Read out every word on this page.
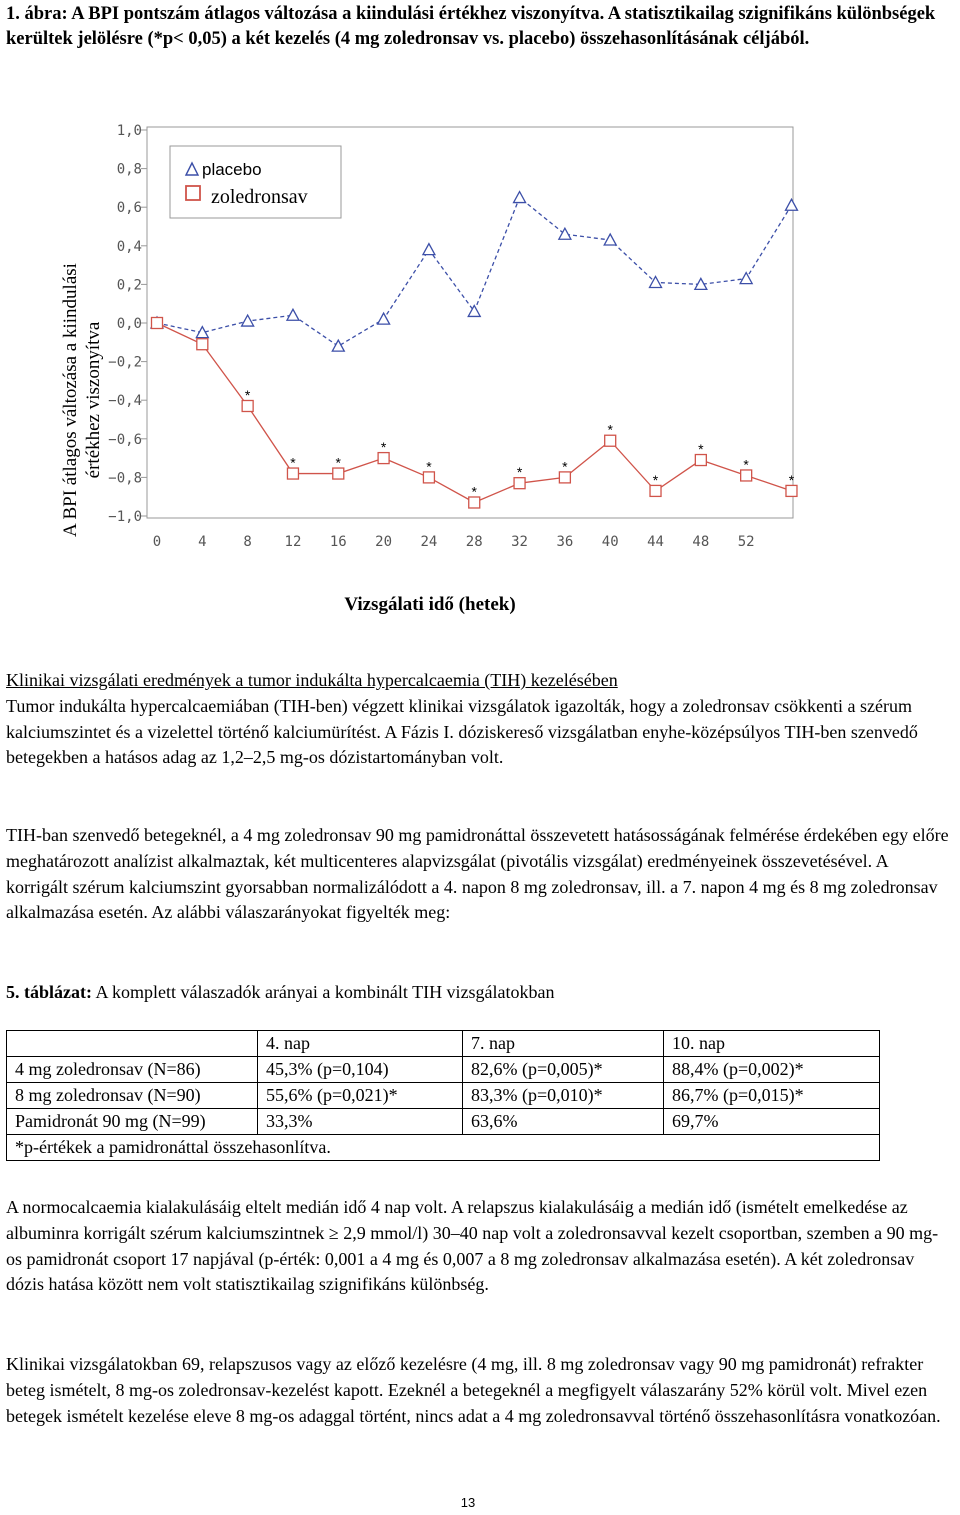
1. ábra: A BPI pontszám átlagos változása a kiindulási értékhez viszonyítva. A statisztikailag szignifikáns különbségek kerültek jelölésre (*p< 0,05) a két kezelés (4 mg zoledronsav vs. placebo) összehasonlításának céljából.
1,0
0,8
0,6
0,4
0,2
0,0
−0,2
−0,4
−0,6
−0,8
−1,0
0	4	8 12 16 20 24 28 32 36 40 44 48 52
*
*	*
*
*
*
*	*
*
*
*
*
*
A BPI átlagos változása a kiindulási értékhez viszonyítva
Vizsgálati idő (hetek)
placebo
zoledronsav

Klinikai vizsgálati eredmények a tumor indukálta hypercalcaemia (TIH) kezelésében

Tumor indukálta hypercalcaemiában (TIH-ben) végzett klinikai vizsgálatok igazolták, hogy a zoledronsav csökkenti a szérum kalciumszintet és a vizelettel történő kalciumürítést. A Fázis I. dóziskereső vizsgálatban enyhe-középsúlyos TIH-ben szenvedő betegekben a hatásos adag az 1,2–2,5 mg-os dózistartományban volt.

TIH-ban szenvedő betegeknél, a 4 mg zoledronsav 90 mg pamidronáttal összevetett hatásosságának felmérése érdekében egy előre meghatározott analízist alkalmaztak, két multicenteres alapvizsgálat (pivotális vizsgálat) eredményeinek összevetésével. A korrigált szérum kalciumszint gyorsabban normalizálódott a 4. napon 8 mg zoledronsav, ill. a 7. napon 4 mg és 8 mg zoledronsav alkalmazása esetén. Az alábbi válaszarányokat figyelték meg:

5. táblázat: A komplett válaszadók arányai a kombinált TIH vizsgálatokban
	4. nap	7. nap	10. nap
4 mg zoledronsav (N=86)	45,3% (p=0,104)	82,6% (p=0,005)*	88,4% (p=0,002)*
8 mg zoledronsav (N=90)	55,6% (p=0,021)*	83,3% (p=0,010)*	86,7% (p=0,015)*
Pamidronát 90 mg (N=99)	33,3%	63,6%	69,7%
*p-értékek a pamidronáttal összehasonlítva.			

A normocalcaemia kialakulásáig eltelt medián idő 4 nap volt. A relapszus kialakulásáig a medián idő (ismételt emelkedése az albuminra korrigált szérum kalciumszintnek ≥ 2,9 mmol/l) 30–40 nap volt a zoledronsavval kezelt csoportban, szemben a 90 mg-os pamidronát csoport 17 napjával (p-érték: 0,001 a 4 mg és 0,007 a 8 mg zoledronsav alkalmazása esetén). A két zoledronsav dózis hatása között nem volt statisztikailag szignifikáns különbség.

Klinikai vizsgálatokban 69, relapszusos vagy az előző kezelésre (4 mg, ill. 8 mg zoledronsav vagy 90 mg pamidronát) refrakter beteg ismételt, 8 mg-os zoledronsav-kezelést kapott. Ezeknél a betegeknél a megfigyelt válaszarány 52% körül volt. Mivel ezen betegek ismételt kezelése eleve 8 mg-os adaggal történt, nincs adat a 4 mg zoledronsavval történő összehasonlításra vonatkozóan.

13
